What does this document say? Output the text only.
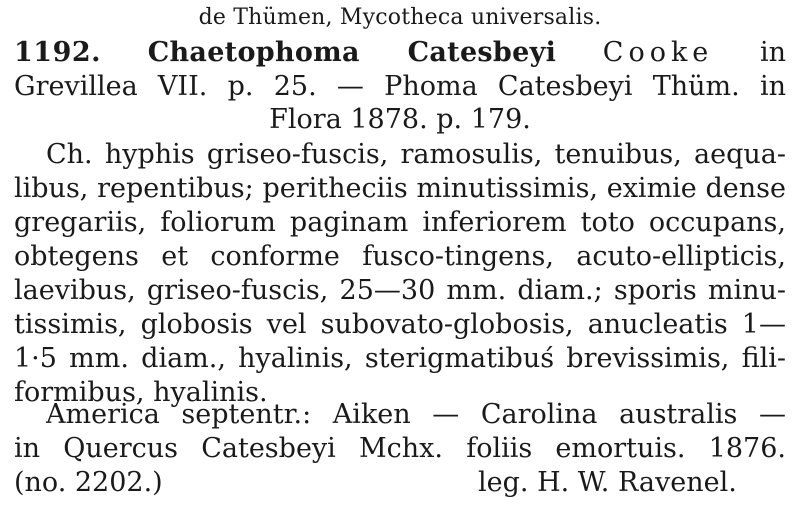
de Thümen, Mycotheca universalis.
1192. Chaetophoma Catesbeyi Cooke in
Grevillea VII. p. 25. — Phoma Catesbeyi Thüm. in
Flora 1878. p. 179.
Ch. hyphis griseo-fuscis, ramosulis, tenuibus, aequa-
libus, repentibus; peritheciis minutissimis, eximie dense
gregariis, foliorum paginam inferiorem toto occupans,
obtegens et conforme fusco-tingens, acuto-ellipticis,
laevibus, griseo-fuscis, 25—30 mm. diam.; sporis minu-
tissimis, globosis vel subovato-globosis, anucleatis 1—
1·5 mm. diam., hyalinis, sterigmatibuś brevissimis, fili-
formibus, hyalinis.
America septentr.: Aiken — Carolina australis —
in Quercus Catesbeyi Mchx. foliis emortuis. 1876.
(no. 2202.)	leg. H. W. Ravenel.
